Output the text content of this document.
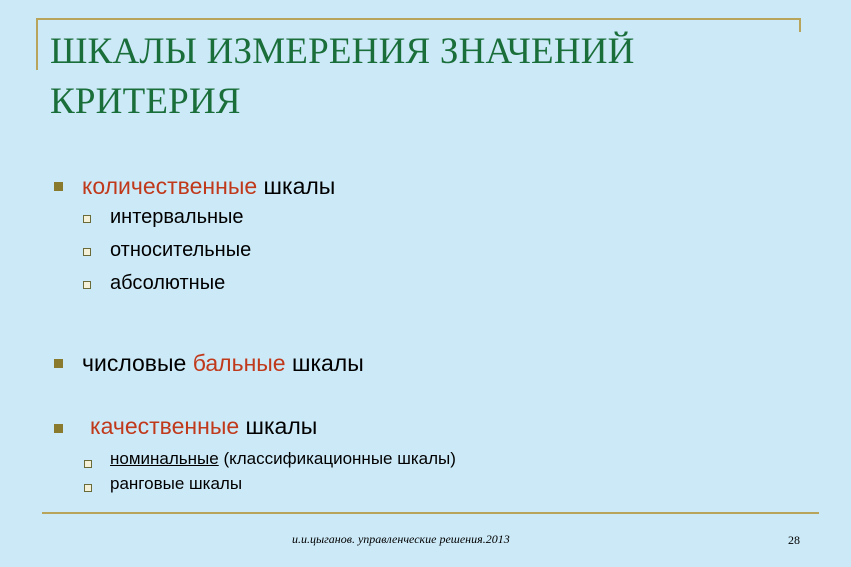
ШКАЛЫ ИЗМЕРЕНИЯ ЗНАЧЕНИЙ
КРИТЕРИЯ
количественные шкалы
интервальные
относительные
абсолютные
числовые бальные шкалы
качественные шкалы
номинальные (классификационные шкалы)
ранговые шкалы
и.и.цыганов. управленческие решения.2013	28
